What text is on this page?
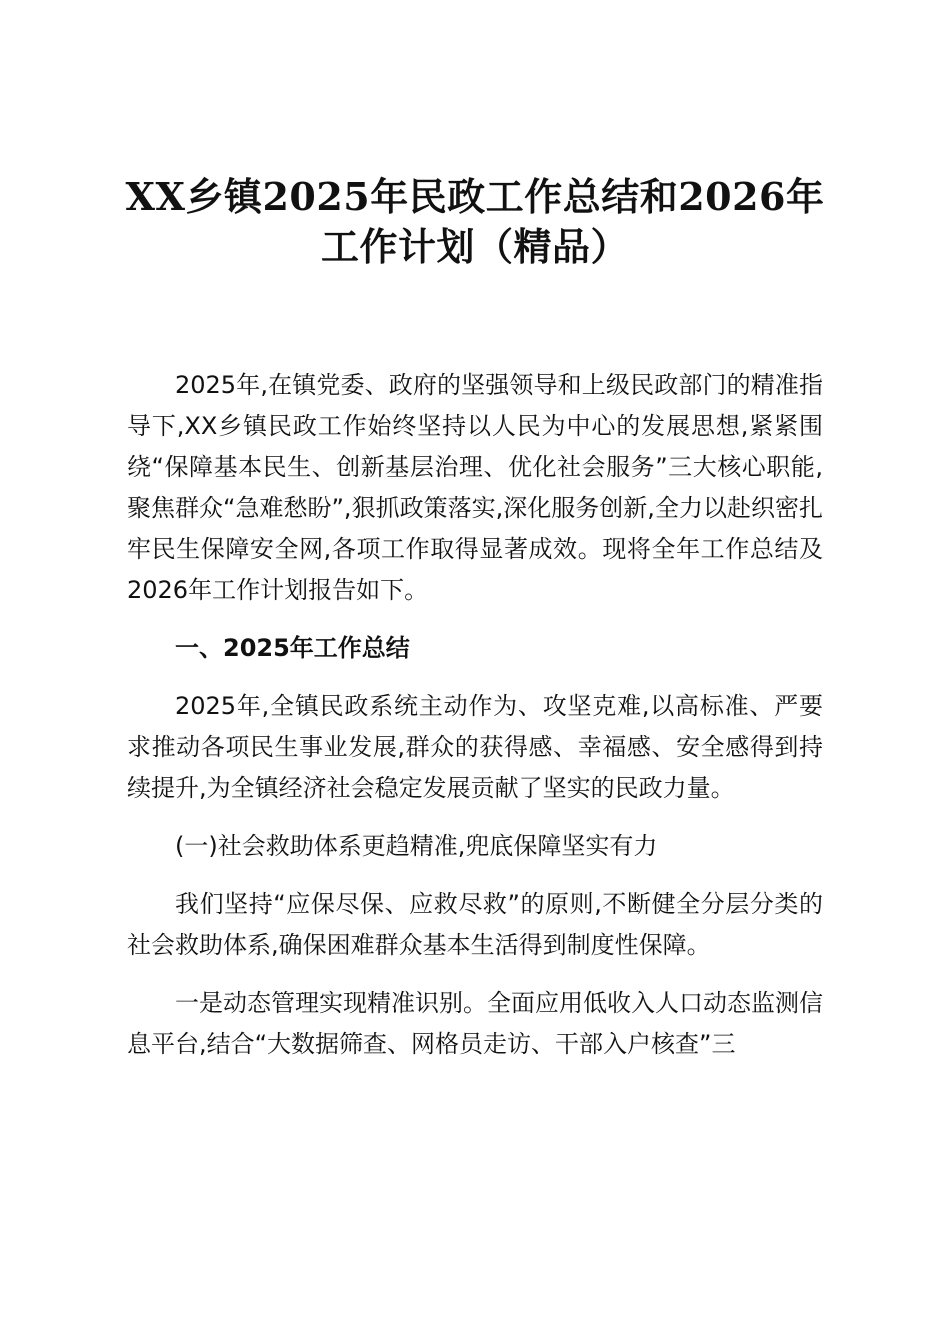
XX乡镇2025年民政工作总结和2026年工作计划（精品）

2025年,在镇党委、政府的坚强领导和上级民政部门的精准指导下,XX乡镇民政工作始终坚持以人民为中心的发展思想,紧紧围绕“保障基本民生、创新基层治理、优化社会服务”三大核心职能,聚焦群众“急难愁盼”,狠抓政策落实,深化服务创新,全力以赴织密扎牢民生保障安全网,各项工作取得显著成效。现将全年工作总结及2026年工作计划报告如下。

一、2025年工作总结

2025年,全镇民政系统主动作为、攻坚克难,以高标准、严要求推动各项民生事业发展,群众的获得感、幸福感、安全感得到持续提升,为全镇经济社会稳定发展贡献了坚实的民政力量。

(一)社会救助体系更趋精准,兜底保障坚实有力

我们坚持“应保尽保、应救尽救”的原则,不断健全分层分类的社会救助体系,确保困难群众基本生活得到制度性保障。

一是动态管理实现精准识别。全面应用低收入人口动态监测信息平台,结合“大数据筛查、网格员走访、干部入户核查”三
